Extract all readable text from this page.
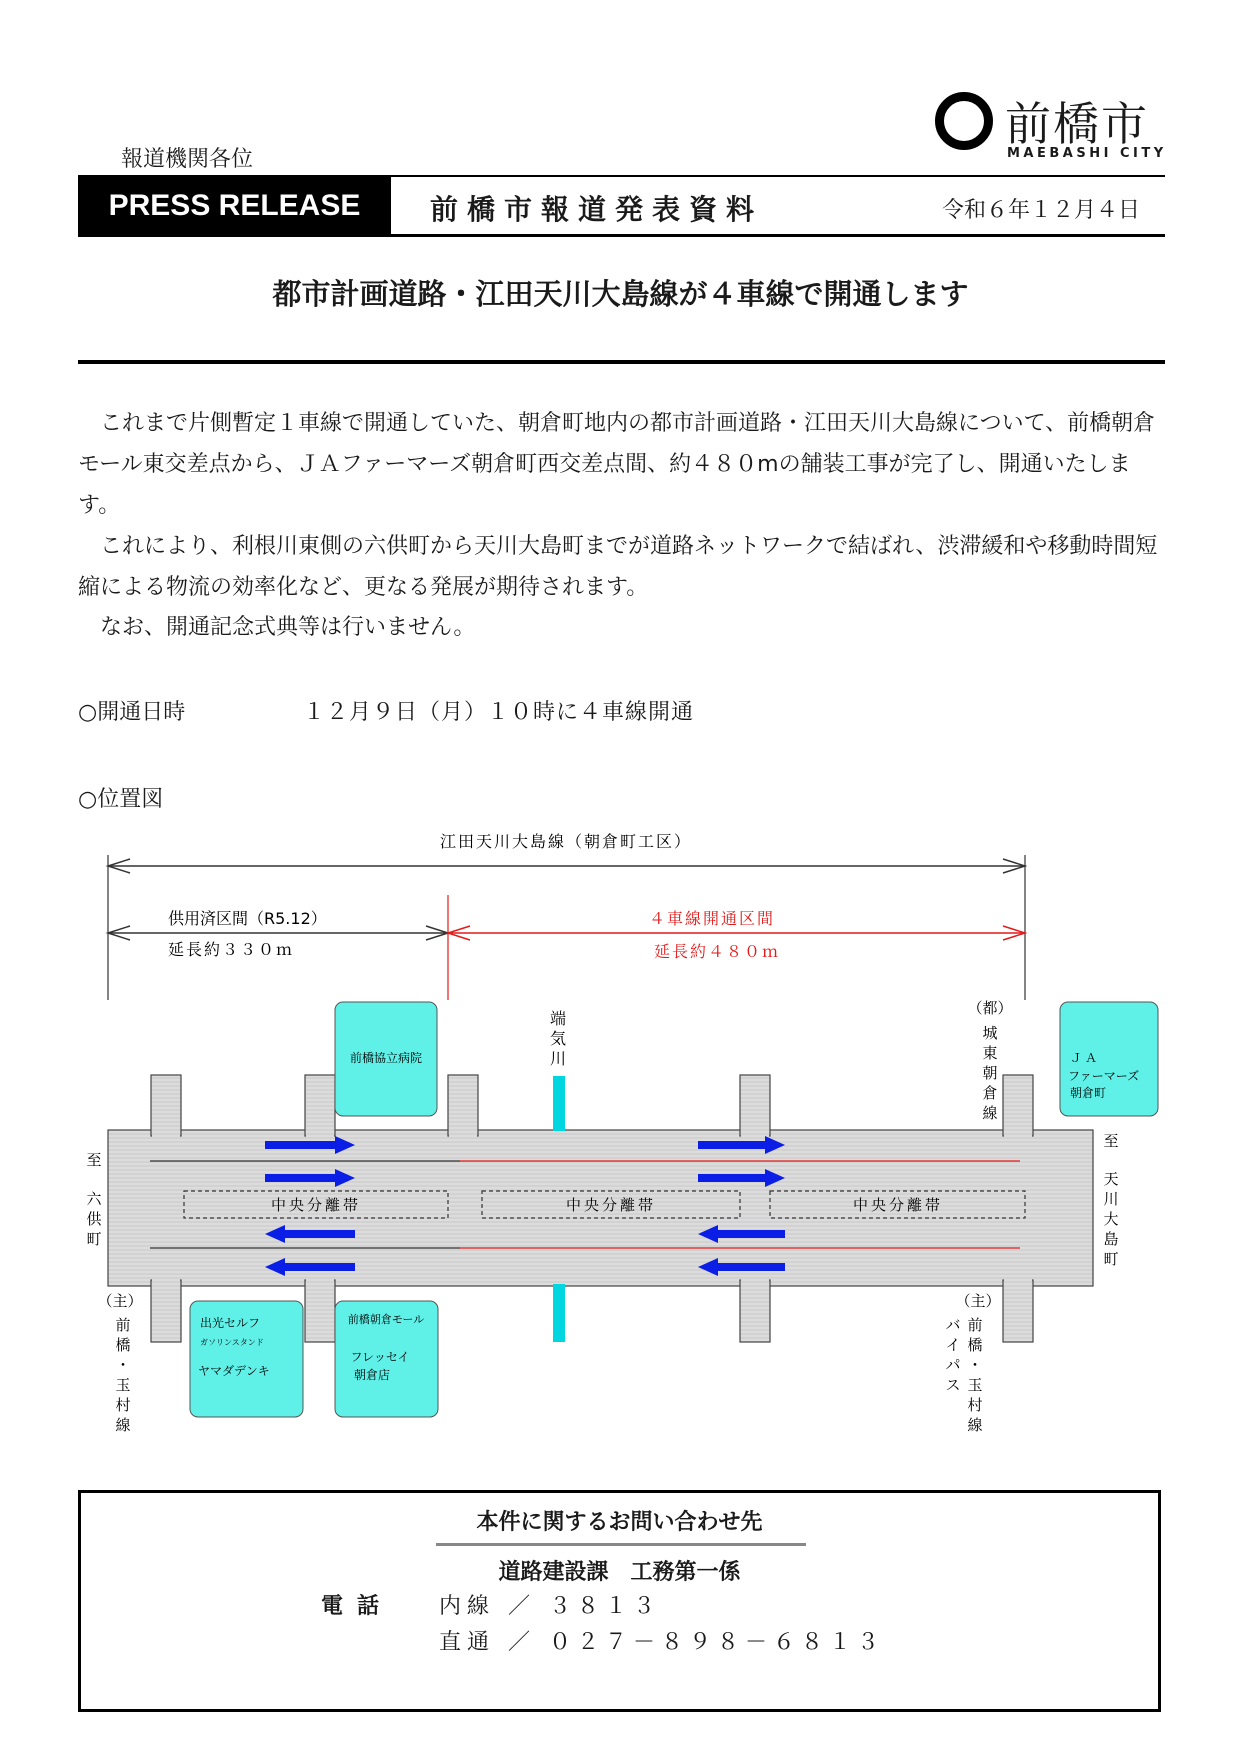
報道機関各位
前橋市
MAEBASHI CITY
PRESS RELEASE	前橋市報道発表資料	令和６年１２月４日
都市計画道路・江田天川大島線が４車線で開通します
これまで片側暫定１車線で開通していた、朝倉町地内の都市計画道路・江田天川大島線について、前橋朝倉モール東交差点から、ＪＡファーマーズ朝倉町西交差点間、約４８０mの舗装工事が完了し、開通いたします。
これにより、利根川東側の六供町から天川大島町までが道路ネットワークで結ばれ、渋滞緩和や移動時間短縮による物流の効率化など、更なる発展が期待されます。
なお、開通記念式典等は行いません。
○開通日時	１２月９日（月）１０時に４車線開通
○位置図
江田天川大島線（朝倉町工区）
供用済区間（R5.12）
延長約３３０ｍ
４車線開通区間
延長約４８０ｍ
中央分離帯	中央分離帯	中央分離帯
端
気
川
前橋協立病院	ＪＡ
ファーマーズ
朝倉町
出光セルフ
ガソリンスタンド
ヤマダデンキ
前橋朝倉モール
フレッセイ
朝倉店
至
六
供
町
至
天
川
大
島
町
（都）
城
東
朝
倉
線
（主）
前
橋
・
玉
村
線
（主）
前
橋
・
玉
村
線
バ
イ
パ
ス
本件に関するお問い合わせ先
道路建設課　工務第一係
電話 内線 ／ ３８１３
直通 ／ ０２７－８９８－６８１３
